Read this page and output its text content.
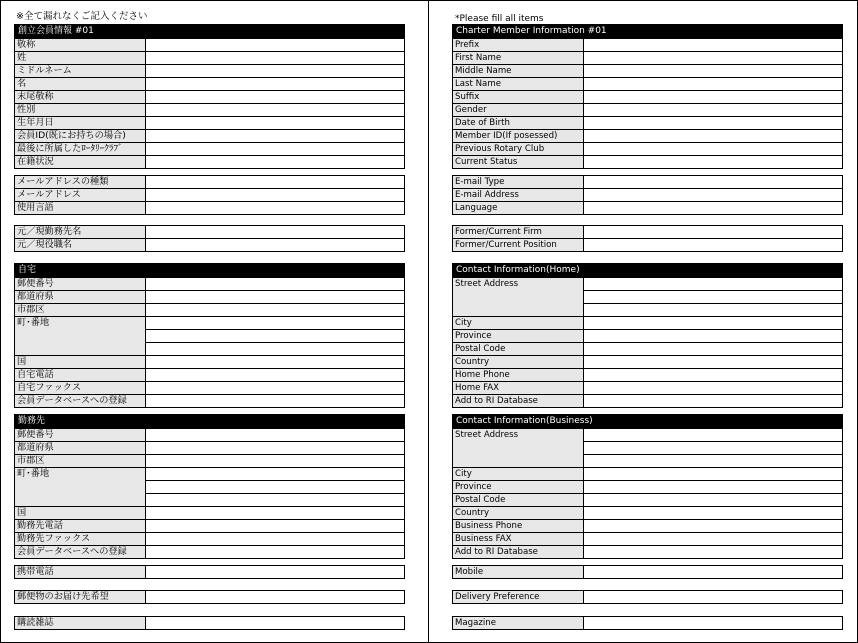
※全て漏れなくご記入ください	*Please fill all items
創立会員情報 #01
敬称
姓
ミドルネーム
名
末尾敬称
性別
生年月日
会員ID(既にお持ちの場合)
最後に所属したﾛｰﾀﾘｰｸﾗﾌﾞ
在籍状況
メールアドレスの種類
メールアドレス
使用言語
元／現勤務先名
元／現役職名
自宅
郵便番号
都道府県
市郡区
町･番地
国
自宅電話
自宅ファックス
会員データベースへの登録
勤務先
郵便番号
都道府県
市郡区
町･番地
国
勤務先電話
勤務先ファックス
会員データベースへの登録
携帯電話
郵便物のお届け先希望
購読雑誌
Charter Member Information #01
Prefix
First Name
Middle Name
Last Name
Suffix
Gender
Date of Birth
Member ID(If posessed)
Previous Rotary Club
Current Status
E-mail Type
E-mail Address
Language
Former/Current Firm
Former/Current Position
Contact Information(Home)
Street Address
City
Province
Postal Code
Country
Home Phone
Home FAX
Add to RI Database
Contact Information(Business)
Street Address
City
Province
Postal Code
Country
Business Phone
Business FAX
Add to RI Database
Mobile
Delivery Preference
Magazine
